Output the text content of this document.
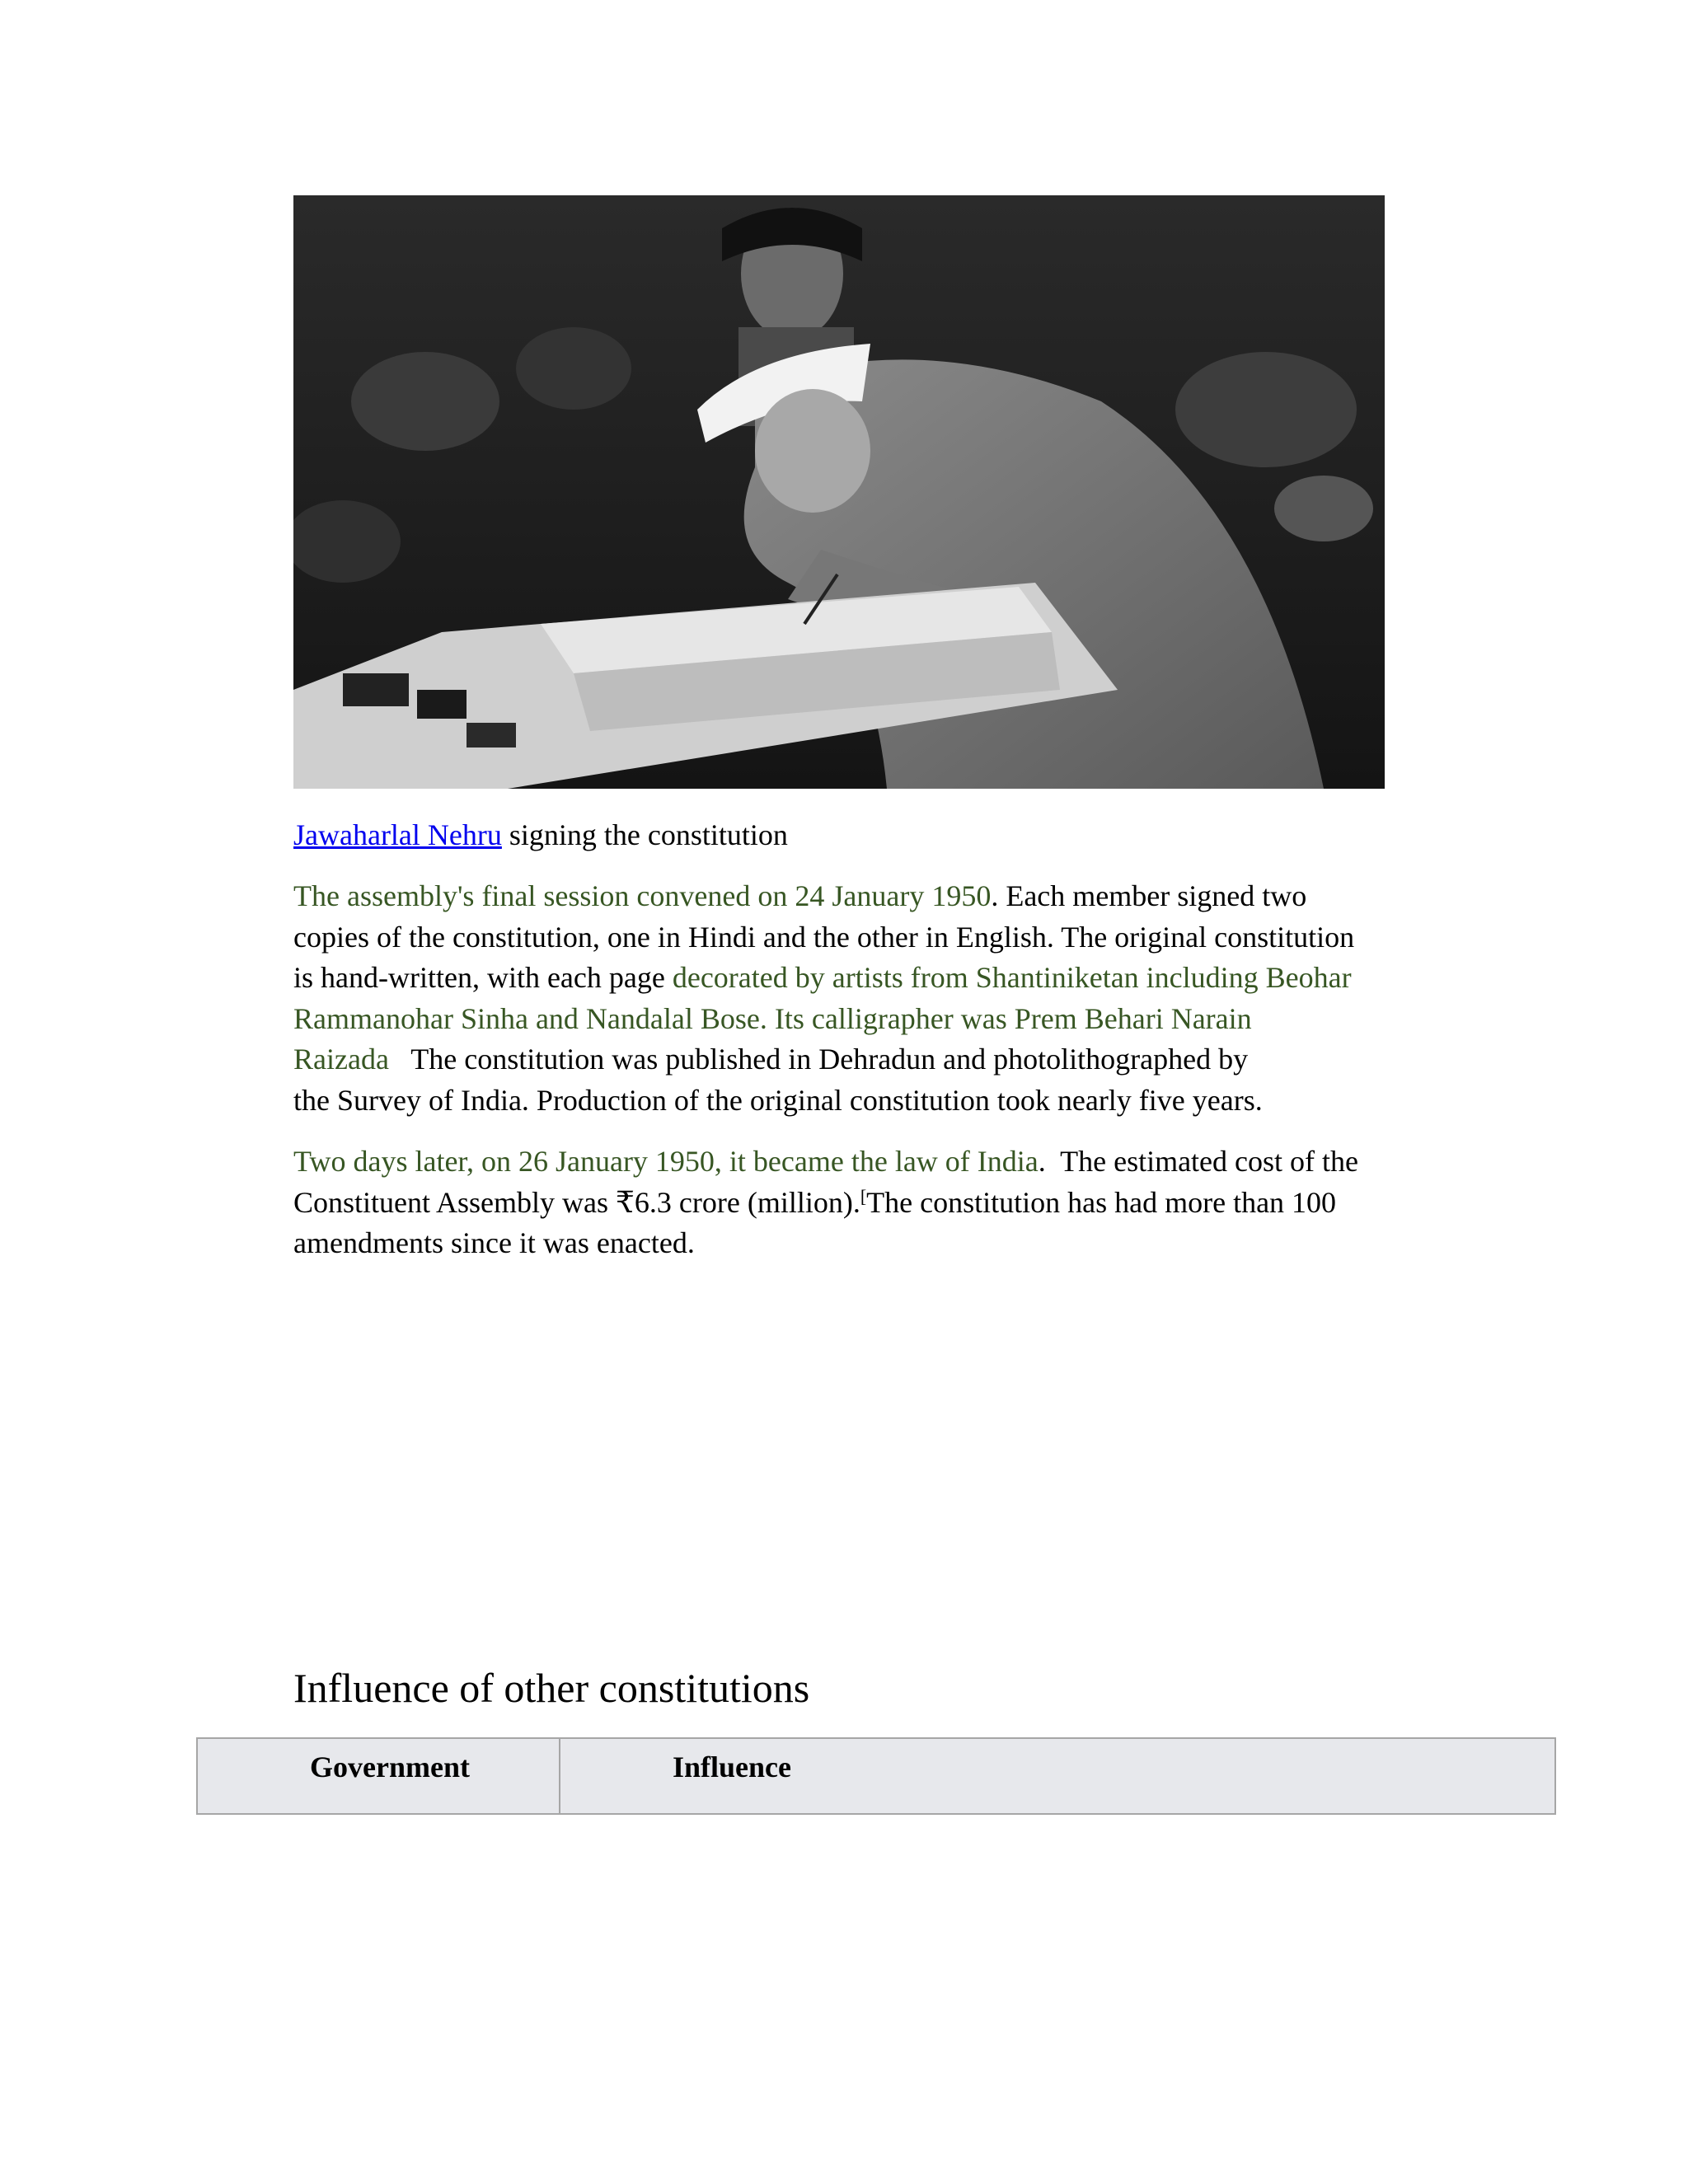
Jawaharlal Nehru signing the constitution
The assembly's final session convened on 24 January 1950. Each member signed two
copies of the constitution, one in Hindi and the other in English. The original constitution
is hand-written, with each page decorated by artists from Shantiniketan including Beohar
Rammanohar Sinha and Nandalal Bose. Its calligrapher was Prem Behari Narain
Raizada   The constitution was published in Dehradun and photolithographed by
the Survey of India. Production of the original constitution took nearly five years.
Two days later, on 26 January 1950, it became the law of India.  The estimated cost of the
Constituent Assembly was ₹6.3 crore (million).[The constitution has had more than 100
amendments since it was enacted.
Influence of other constitutions
Government	Influence
